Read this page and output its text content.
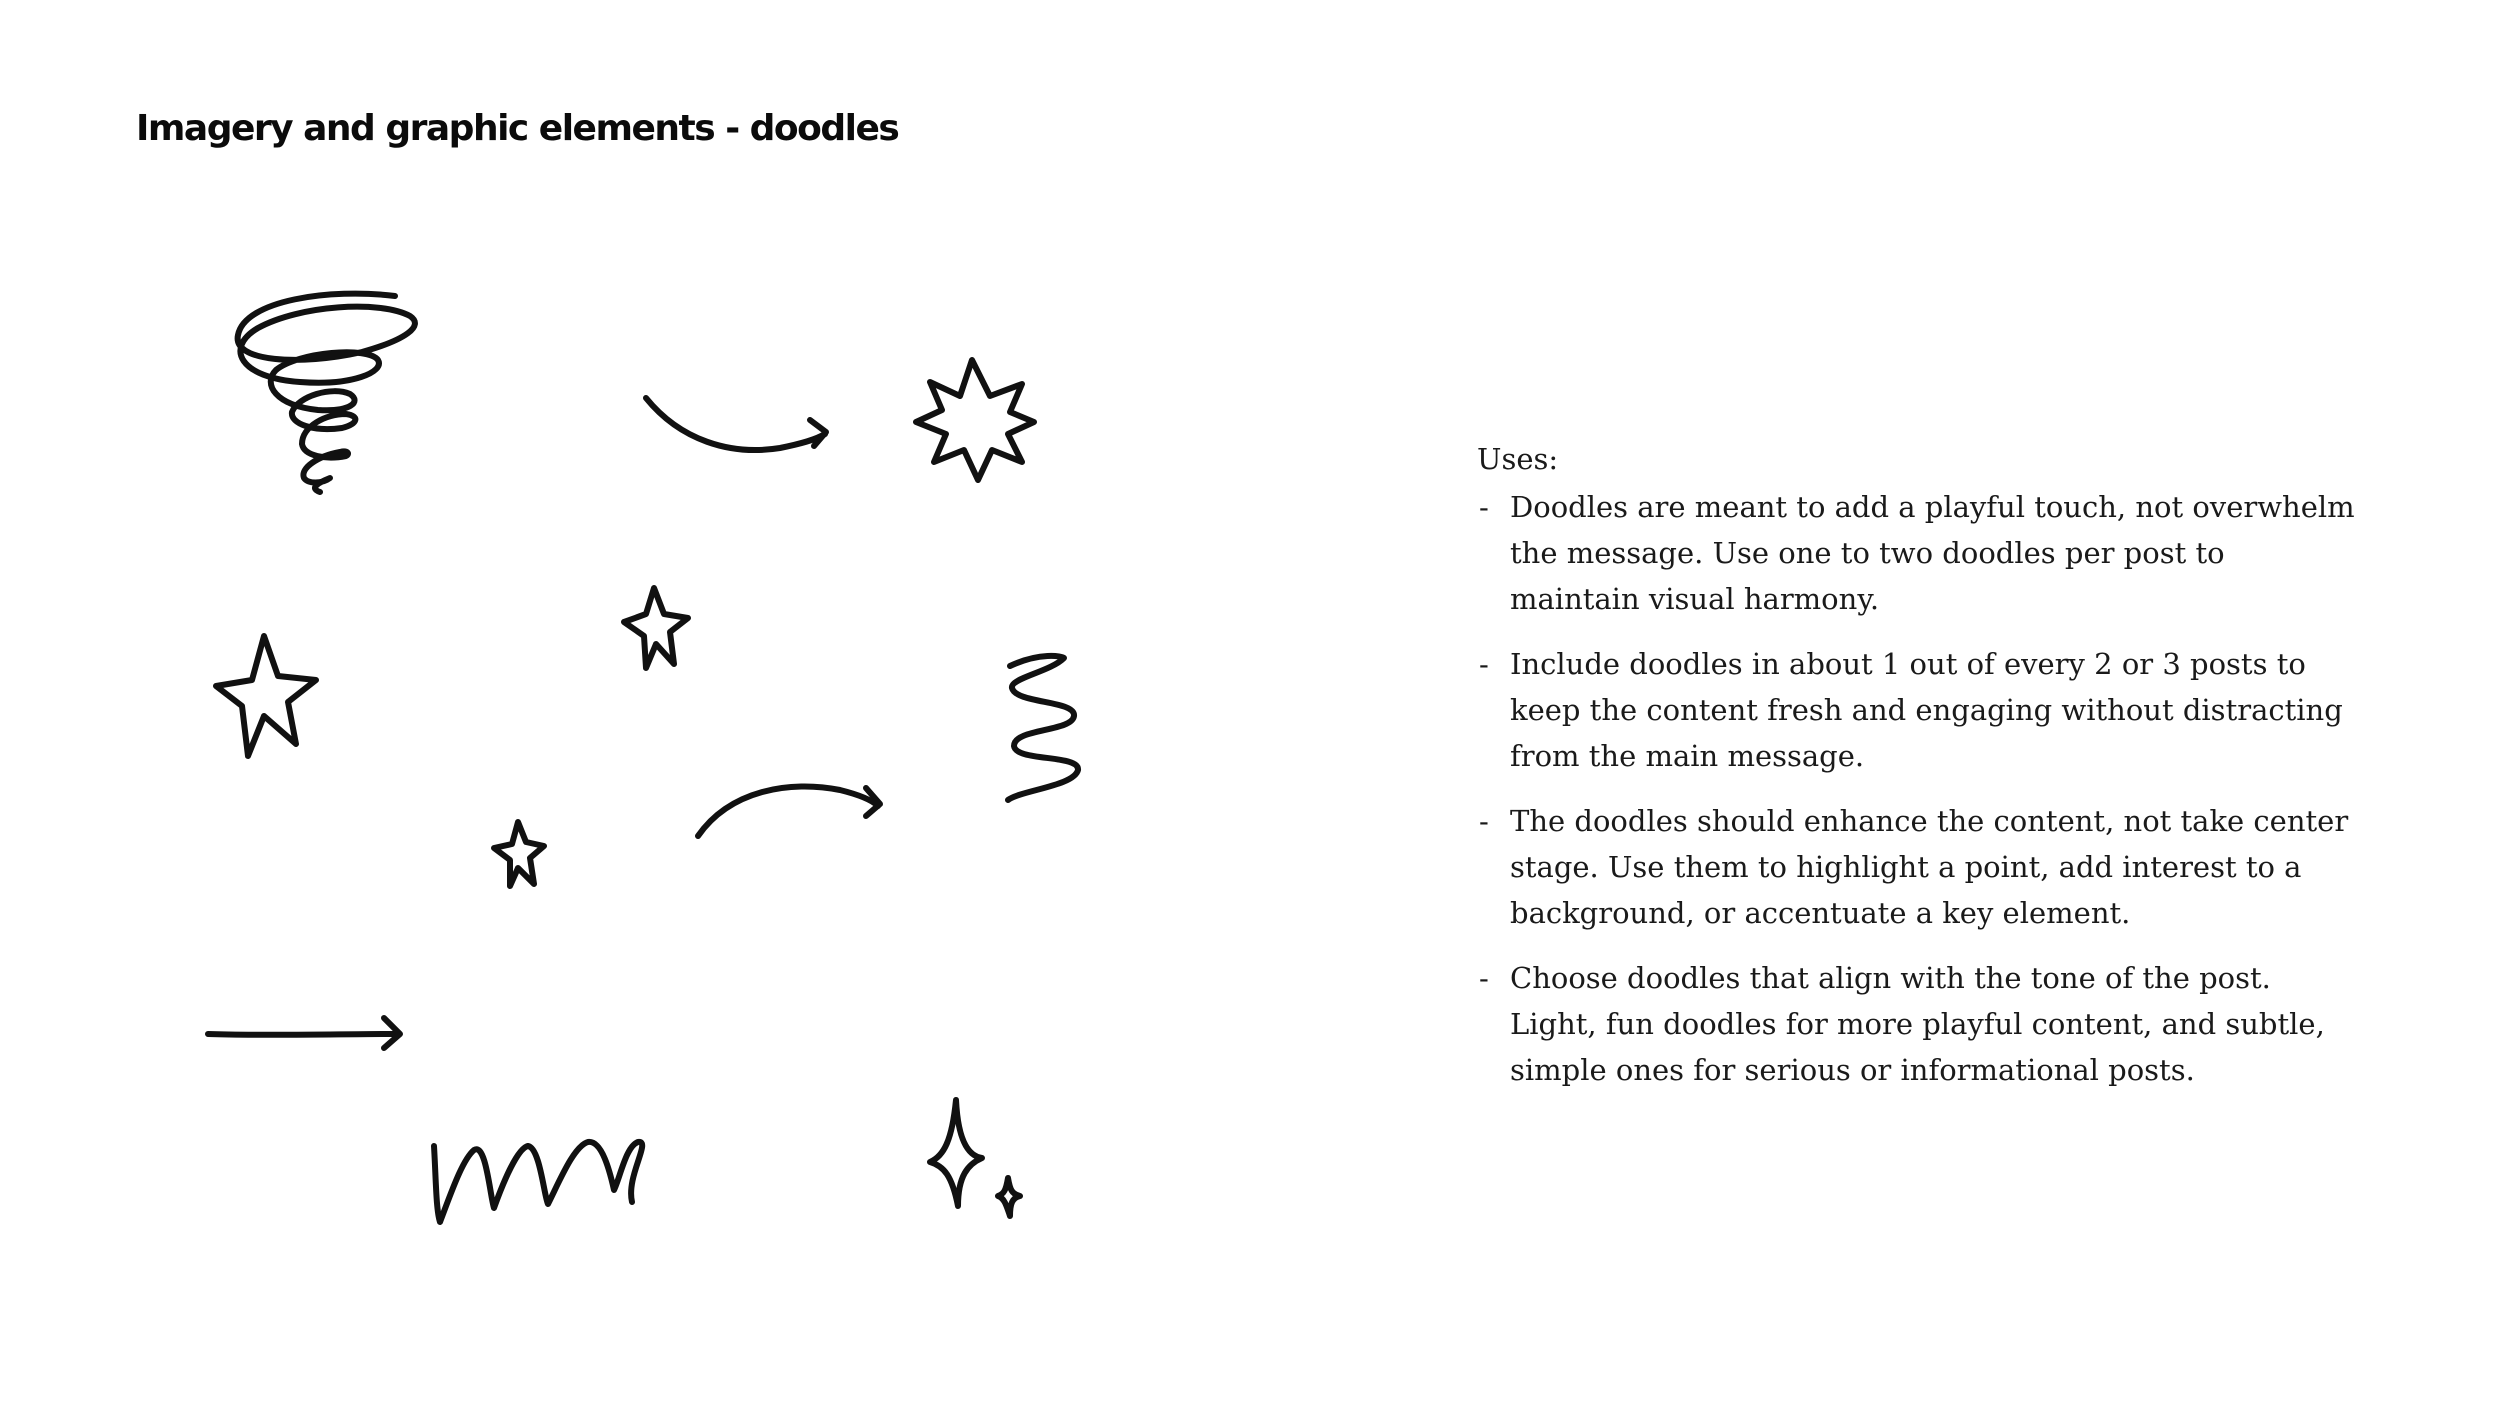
Imagery and graphic elements - doodles

Uses:

- Doodles are meant to add a playful touch, not overwhelm the message. Use one to two doodles per post to maintain visual harmony.
- Include doodles in about 1 out of every 2 or 3 posts to keep the content fresh and engaging without distracting from the main message.
- The doodles should enhance the content, not take center stage. Use them to highlight a point, add interest to a background, or accentuate a key element.
- Choose doodles that align with the tone of the post. Light, fun doodles for more playful content, and subtle, simple ones for serious or informational posts.
